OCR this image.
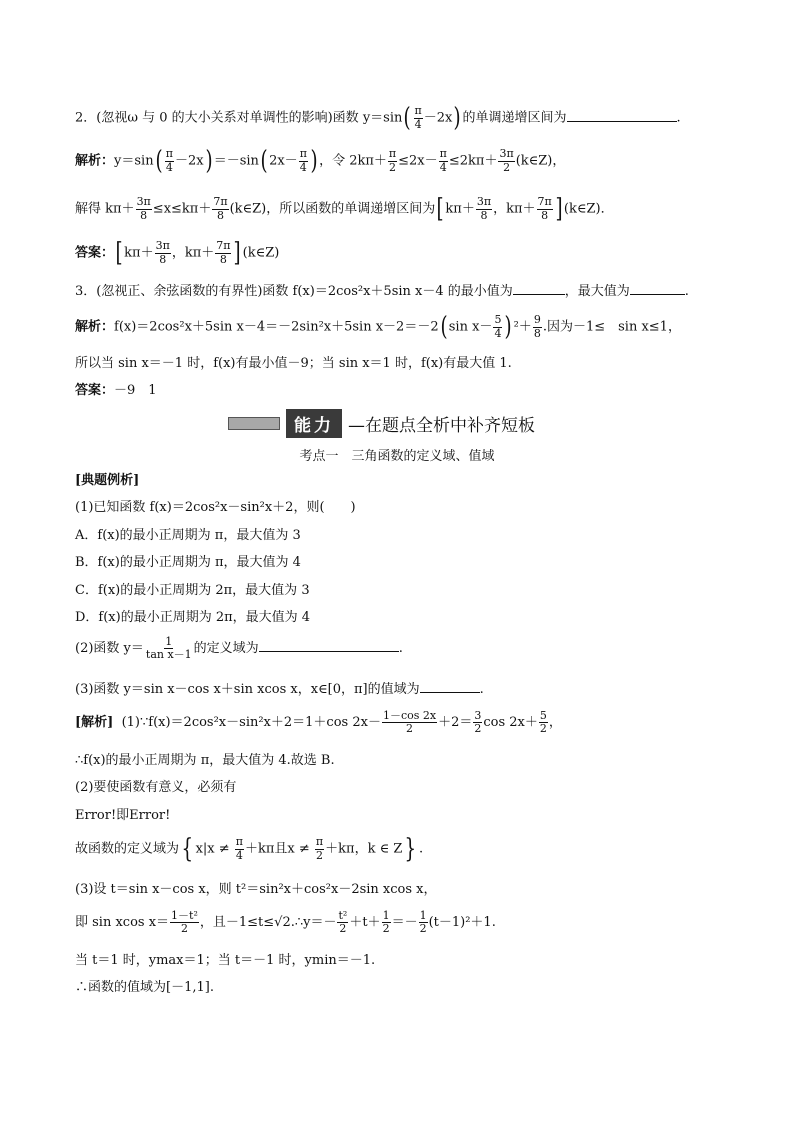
2．(忽视ω 与 0 的大小关系对单调性的影响)函数 $y=\sin( \frac{\pi}{4} -2x)$ 的单调递增区间为	.
解析：$y=\sin( \frac{\pi}{4} -2x) =-\sin$( $2x- \frac{\pi}{4}$ ) ，令 $2k\pi+ \frac{\pi}{2} \le 2x- \frac{\pi}{4} \le 2k\pi+ \frac{3\pi}{2}$ (k∈Z)，
解得 $k\pi+ \frac{3\pi}{8} \le x\le k\pi+ \frac{7\pi}{8}$ (k∈Z)，所以函数的单调递增区间为[ $k\pi+ \frac{3\pi}{8}$ ，$k\pi+ \frac{7\pi}{8}$ ] (k∈Z)．
答案：[ $k\pi+ \frac{3\pi}{8}$ ，$k\pi+ \frac{7\pi}{8}$ ] (k∈Z)
3．(忽视正、余弦函数的有界性)函数 f(x)＝2cos²x＋5sin x－4 的最小值为	，最大值为	.
解析：f(x)＝2cos²x＋5sin x－4＝－2sin²x＋5sin x－2＝－2( $\sin x- \frac{5}{4}$ ) $^2+ \frac{9}{8}$ .因为－1≤　sin x≤1，
所以当 sin x＝－1 时，f(x)有最小值－9；当 sin x＝1 时，f(x)有最大值 1.
答案：－9　1
能力 —在题点全析中补齐短板
考点一　三角函数的定义域、值域
[典题例析]
(1)已知函数 f(x)＝2cos²x－sin²x＋2，则(　　)
A．f(x)的最小正周期为 π，最大值为 3
B．f(x)的最小正周期为 π，最大值为 4
C．f(x)的最小正周期为 2π，最大值为 3
D．f(x)的最小正周期为 2π，最大值为 4
(2)函数 $y= \frac{1}{\text{tan x－1}}$ 的定义域为	.
(3)函数 y＝sin x－cos x＋sin xcos x，x∈[0，π]的值域为	.
[解析] (1)∵f(x)＝2cos²x－sin²x＋2＝1＋cos $2x- \frac{1-\cos 2x}{2} +2= \frac{3}{2}$ $\cos 2x+ \frac{5}{2}$ ，
∴f(x)的最小正周期为 π，最大值为 4.故选 B.
(2)要使函数有意义，必须有
Error!即Error!
故函数的定义域为{ $x|x \ne \frac{\pi}{4} +k\pi$且$x \ne \frac{\pi}{2} +k\pi$，k ∈ Z} .
(3)设 t＝sin x－cos x，则 t²＝sin²x＋cos²x－2sin xcos x，
即 sin xcos $x= \frac{\text{1－t²}}{2}$ ，且－1≤t≤√2.∴y＝－ $\frac{\text{t²}}{2} +t+ \frac{1}{2} =- \frac{1}{2} (t-1)^2+1$.
当 t＝1 时，ymax＝1；当 t＝－1 时，ymin＝－1.
∴函数的值域为[－1,1].
